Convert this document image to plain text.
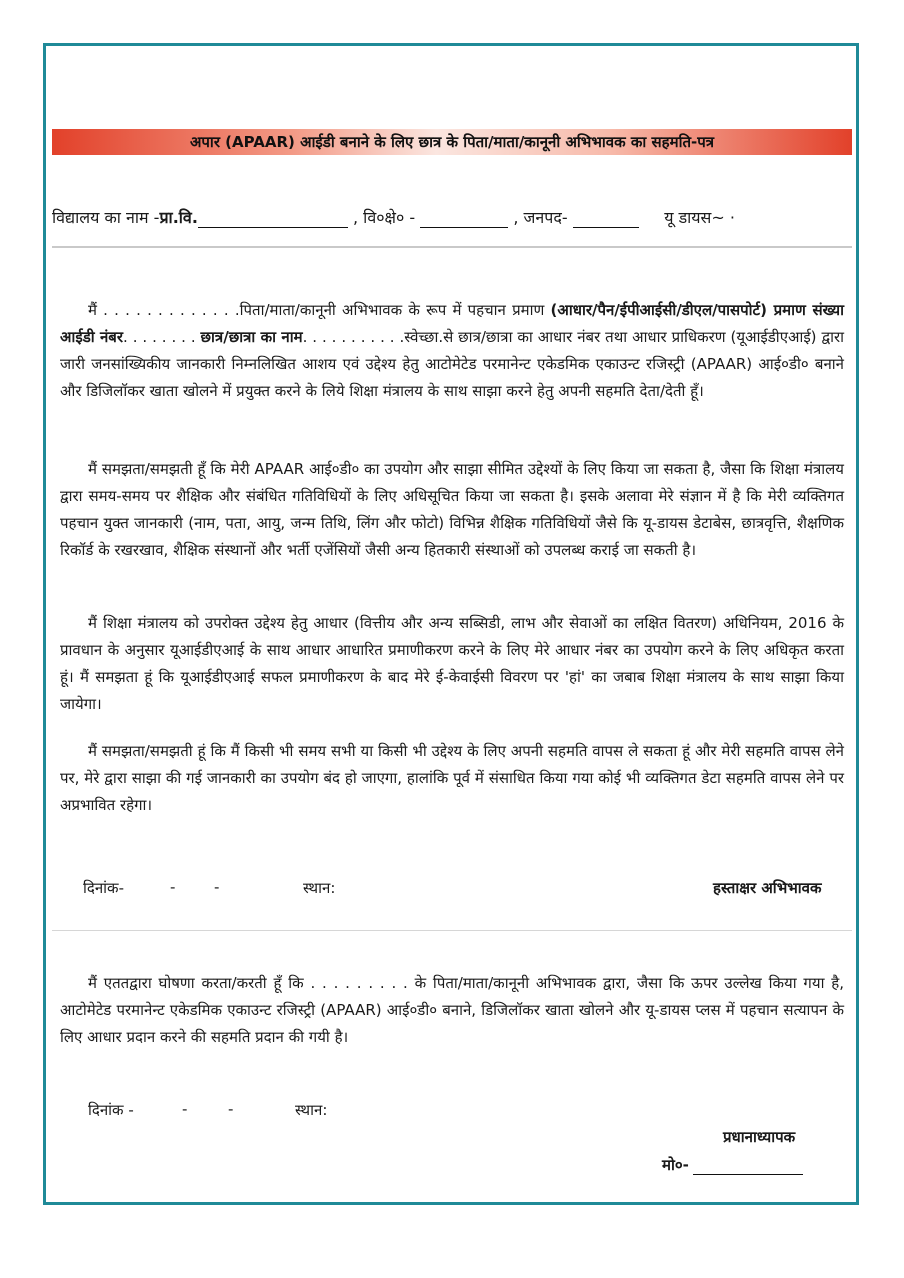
अपार (APAAR) आईडी बनाने के लिए छात्र के पिता/माता/कानूनी अभिभावक का सहमति-पत्र
विद्यालय का नाम -प्रा.वि.	, वि०क्षे० -	, जनपद-	यू डायस~ ·

मैं . . . . . . . . . . . . .पिता/माता/कानूनी अभिभावक के रूप में पहचान प्रमाण (आधार/पैन/ईपीआईसी/डीएल/पासपोर्ट) प्रमाण संख्या आईडी नंबर. . . . . . . . छात्र/छात्रा का नाम. . . . . . . . . . .स्वेच्छा.से छात्र/छात्रा का आधार नंबर तथा आधार प्राधिकरण (यूआईडीएआई) द्वारा जारी जनसांख्यिकीय जानकारी निम्नलिखित आशय एवं उद्देश्य हेतु आटोमेटेड परमानेन्ट एकेडमिक एकाउन्ट रजिस्ट्री (APAAR) आई०डी० बनाने और डिजिलॉकर खाता खोलने में प्रयुक्त करने के लिये शिक्षा मंत्रालय के साथ साझा करने हेतु अपनी सहमति देता/देती हूँ।

मैं समझता/समझती हूँ कि मेरी APAAR आई०डी० का उपयोग और साझा सीमित उद्देश्यों के लिए किया जा सकता है, जैसा कि शिक्षा मंत्रालय द्वारा समय-समय पर शैक्षिक और संबंधित गतिविधियों के लिए अधिसूचित किया जा सकता है। इसके अलावा मेरे संज्ञान में है कि मेरी व्यक्तिगत पहचान युक्त जानकारी (नाम, पता, आयु, जन्म तिथि, लिंग और फोटो) विभिन्न शैक्षिक गतिविधियों जैसे कि यू-डायस डेटाबेस, छात्रवृत्ति, शैक्षणिक रिकॉर्ड के रखरखाव, शैक्षिक संस्थानों और भर्ती एजेंसियों जैसी अन्य हितकारी संस्थाओं को उपलब्ध कराई जा सकती है।

मैं शिक्षा मंत्रालय को उपरोक्त उद्देश्य हेतु आधार (वित्तीय और अन्य सब्सिडी, लाभ और सेवाओं का लक्षित वितरण) अधिनियम, 2016 के प्रावधान के अनुसार यूआईडीएआई के साथ आधार आधारित प्रमाणीकरण करने के लिए मेरे आधार नंबर का उपयोग करने के लिए अधिकृत करता हूं। मैं समझता हूं कि यूआईडीएआई सफल प्रमाणीकरण के बाद मेरे ई-केवाईसी विवरण पर 'हां' का जबाब शिक्षा मंत्रालय के साथ साझा किया जायेगा।

मैं समझता/समझती हूं कि मैं किसी भी समय सभी या किसी भी उद्देश्य के लिए अपनी सहमति वापस ले सकता हूं और मेरी सहमति वापस लेने पर, मेरे द्वारा साझा की गई जानकारी का उपयोग बंद हो जाएगा, हालांकि पूर्व में संसाधित किया गया कोई भी व्यक्तिगत डेटा सहमति वापस लेने पर अप्रभावित रहेगा।

दिनांक-	-	-	स्थान:	हस्ताक्षर अभिभावक

मैं एततद्वारा घोषणा करता/करती हूँ कि . . . . . . . . . के पिता/माता/कानूनी अभिभावक द्वारा, जैसा कि ऊपर उल्लेख किया गया है, आटोमेटेड परमानेन्ट एकेडमिक एकाउन्ट रजिस्ट्री (APAAR) आई०डी० बनाने, डिजिलॉकर खाता खोलने और यू-डायस प्लस में पहचान सत्यापन के लिए आधार प्रदान करने की सहमति प्रदान की गयी है।

दिनांक -	-	-	स्थान:
प्रधानाध्यापक
मो०-
